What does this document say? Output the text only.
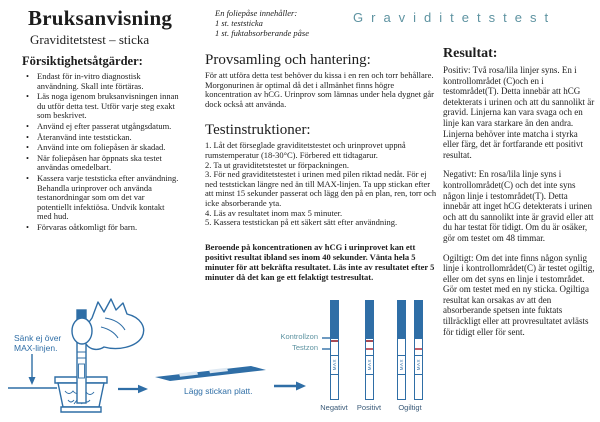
Bruksanvisning
Graviditetstest – sticka
Försiktighetsåtgärder:
• Endast för in-vitro diagnostisk användning. Skall inte förtäras.
• Läs noga igenom bruksanvisningen innan du utför detta test. Utför varje steg exakt som beskrivet.
• Använd ej efter passerat utgångsdatum.
• Återanvänd inte teststickan.
• Använd inte om foliepåsen är skadad.
• När foliepåsen har öppnats ska testet användas omedelbart.
• Kassera varje teststicka efter användning. Behandla urinprover och använda testanordningar som om det var potentiellt infektiösa. Undvik kontakt med hud.
• Förvaras oåtkomligt för barn.
En foliepåse innehåller:
1 st. teststicka
1 st. fuktabsorberande påse
Provsamling och hantering:

För att utföra detta test behöver du kissa i en ren och torr behållare. Morgonurinen är optimal då det i allmänhet finns högre koncentration av hCG. Urinprov som lämnas under hela dygnet går dock också att använda.

Testinstruktioner:
1. Låt det förseglade graviditetstestet och urinprovet uppnå rumstemperatur (18-30°C). Förbered ett tidtagarur.
2. Ta ut graviditetstestet ur förpackningen.
3. För ned graviditetstestet i urinen med pilen riktad nedåt. För ej ned teststickan längre ned än till MAX-linjen. Ta upp stickan efter att minst 15 sekunder passerat och lägg den på en plan, ren, torr och icke absorberande yta.
4. Läs av resultatet inom max 5 minuter.
5. Kassera teststickan på ett säkert sätt efter användning.

Beroende på koncentrationen av hCG i urinprovet kan ett positivt resultat ibland ses inom 40 sekunder. Vänta hela 5 minuter för att bekräfta resultatet. Läs inte av resultatet efter 5 minuter då det kan ge ett felaktigt testresultat.

Graviditetstest
Resultat:

Positiv: Två rosa/lila linjer syns. En i kontrollområdet (C)och en i testområdet(T). Detta innebär att hCG detekterats i urinen och att du sannolikt är gravid. Linjerna kan vara svaga och en linje kan vara starkare än den andra. Linjerna behöver inte matcha i styrka eller färg, det är fortfarande ett positivt resultat.

Negativt: En rosa/lila linje syns i kontrollområdet(C) och det inte syns någon linje i testområdet(T). Detta innebär att inget hCG detekterats i urinen och att du sannolikt inte är gravid eller att du har testat för tidigt. Om du är osäker, gör om testet om 48 timmar.

Ogiltigt: Om det inte finns någon synlig linje i kontrollområdet(C) är testet ogiltig, eller om det syns en linje i testområdet. Gör om testet med en ny sticka. Ogiltiga resultat kan orsakas av att den absorberande spetsen inte fuktats tillräckligt eller att provresultatet avlästs för tidigt eller för sent.

Sänk ej över MAX-linjen.
Lägg stickan platt.
Kontrollzon
Testzon
MAX	MAX	MAX	MAX
Negativt	Positivt	Ogiltigt
